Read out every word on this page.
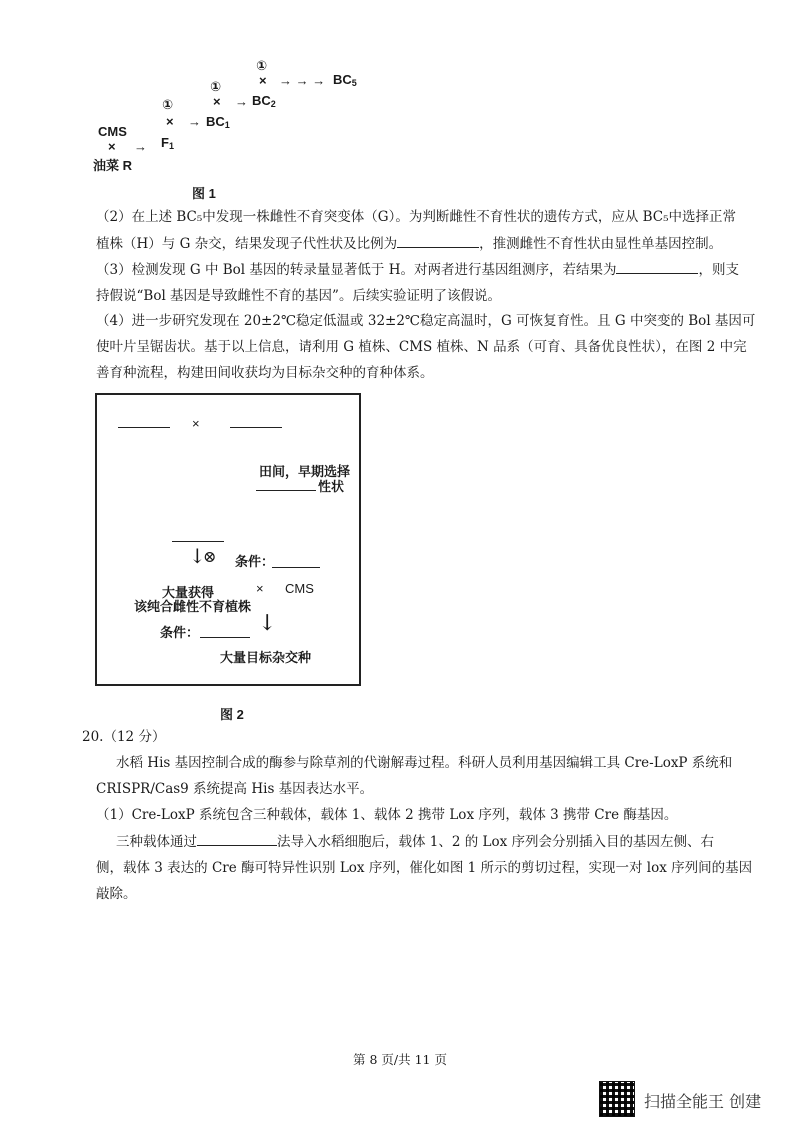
CMS
×
油菜 R
→ $F_1$
①
× → $BC_1$
①
× → $BC_2$
①
× → → → $BC_5$
图 1
（2）在上述 BC₅中发现一株雌性不育突变体（G）。为判断雌性不育性状的遗传方式，应从 BC₅中选择正常
植株（H）与 G 杂交，结果发现子代性状及比例为	，推测雌性不育性状由显性单基因控制。
（3）检测发现 G 中 Bol 基因的转录量显著低于 H。对两者进行基因组测序，若结果为	，则支
持假说“Bol 基因是导致雌性不育的基因”。后续实验证明了该假说。
（4）进一步研究发现在 20±2℃稳定低温或 32±2℃稳定高温时，G 可恢复育性。且 G 中突变的 Bol 基因可
使叶片呈锯齿状。基于以上信息，请利用 G 植株、CMS 植株、N 品系（可育、具备优良性状），在图 2 中完
善育种流程，构建田间收获均为目标杂交种的育种体系。
×
田间，早期选择
性状
↓
⊗ 条件：
大量获得
该纯合雌性不育植株
× CMS
条件：	↓
大量目标杂交种
图 2
20.（12 分）
水稻 His 基因控制合成的酶参与除草剂的代谢解毒过程。科研人员利用基因编辑工具 Cre-LoxP 系统和
CRISPR/Cas9 系统提高 His 基因表达水平。
（1）Cre-LoxP 系统包含三种载体，载体 1、载体 2 携带 Lox 序列，载体 3 携带 Cre 酶基因。
三种载体通过	法导入水稻细胞后，载体 1、2 的 Lox 序列会分别插入目的基因左侧、右
侧，载体 3 表达的 Cre 酶可特异性识别 Lox 序列，催化如图 1 所示的剪切过程，实现一对 lox 序列间的基因
敲除。
第 8 页/共 11 页
扫描全能王 创建
